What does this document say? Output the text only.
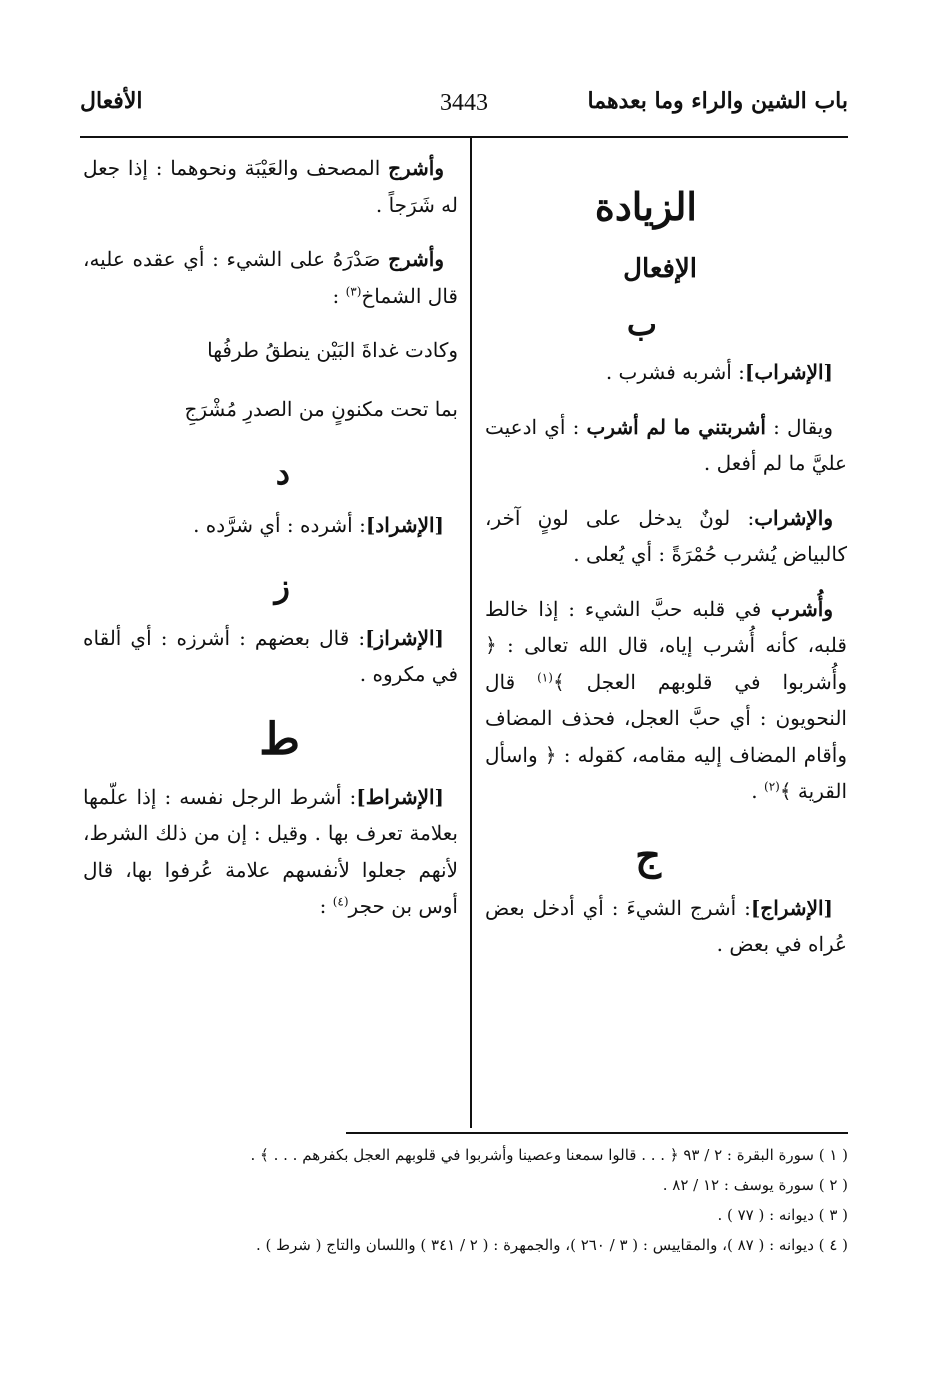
باب الشين والراء وما بعدهما
3443
الأفعال
الزيادة
الإفعال
ب

[الإشراب]: أشربه فشرب .

ويقال : أشربتني ما لم أشرب : أي ادعيت عليَّ ما لم أفعل .

والإشراب: لونٌ يدخل على لونٍ آخر، كالبياض يُشرب حُمْرَةً : أي يُعلى .

وأُشرب في قلبه حبَّ الشيء : إذا خالط قلبه، كأنه أُشرب إياه، قال الله تعالى : ﴿ وأُشربوا في قلوبهم العجل ﴾$^{(١)}$ قال النحويون : أي حبَّ العجل، فحذف المضاف وأقام المضاف إليه مقامه، كقوله : ﴿ واسأل القرية ﴾$^{(٢)}$ .

ج

[الإشراج]: أشرج الشيءَ : أي أدخل بعض عُراه في بعض .

وأشرج المصحف والعَيْبَة ونحوهما : إذا جعل له شَرَجاً .

وأشرج صَدْرَهُ على الشيء : أي عقده عليه، قال الشماخ$^{(٣)}$ :

وكادت غداةَ البَيْن ينطقُ طرفُها
بما تحت مكنونٍ من الصدرِ مُشْرَجِ
د

[الإشراد]: أشرده : أي شرَّده .

ز

[الإشراز]: قال بعضهم : أشرزه : أي ألقاه في مكروه .

ط

[الإشراط]: أشرط الرجل نفسه : إذا علّمها بعلامة تعرف بها . وقيل : إن من ذلك الشرط، لأنهم جعلوا لأنفسهم علامة عُرفوا بها، قال أوس بن حجر$^{(٤)}$ :

( ١ ) سورة البقرة : ٢ / ٩٣ ﴿ . . . قالوا سمعنا وعصينا وأشربوا في قلوبهم العجل بكفرهم . . . ﴾ .
( ٢ ) سورة يوسف : ١٢ / ٨٢ .
( ٣ ) ديوانه : ( ٧٧ ) .
( ٤ ) ديوانه : ( ٨٧ )، والمقاييس : ( ٣ / ٢٦٠ )، والجمهرة : ( ٢ / ٣٤١ ) واللسان والتاج ( شرط ) .
